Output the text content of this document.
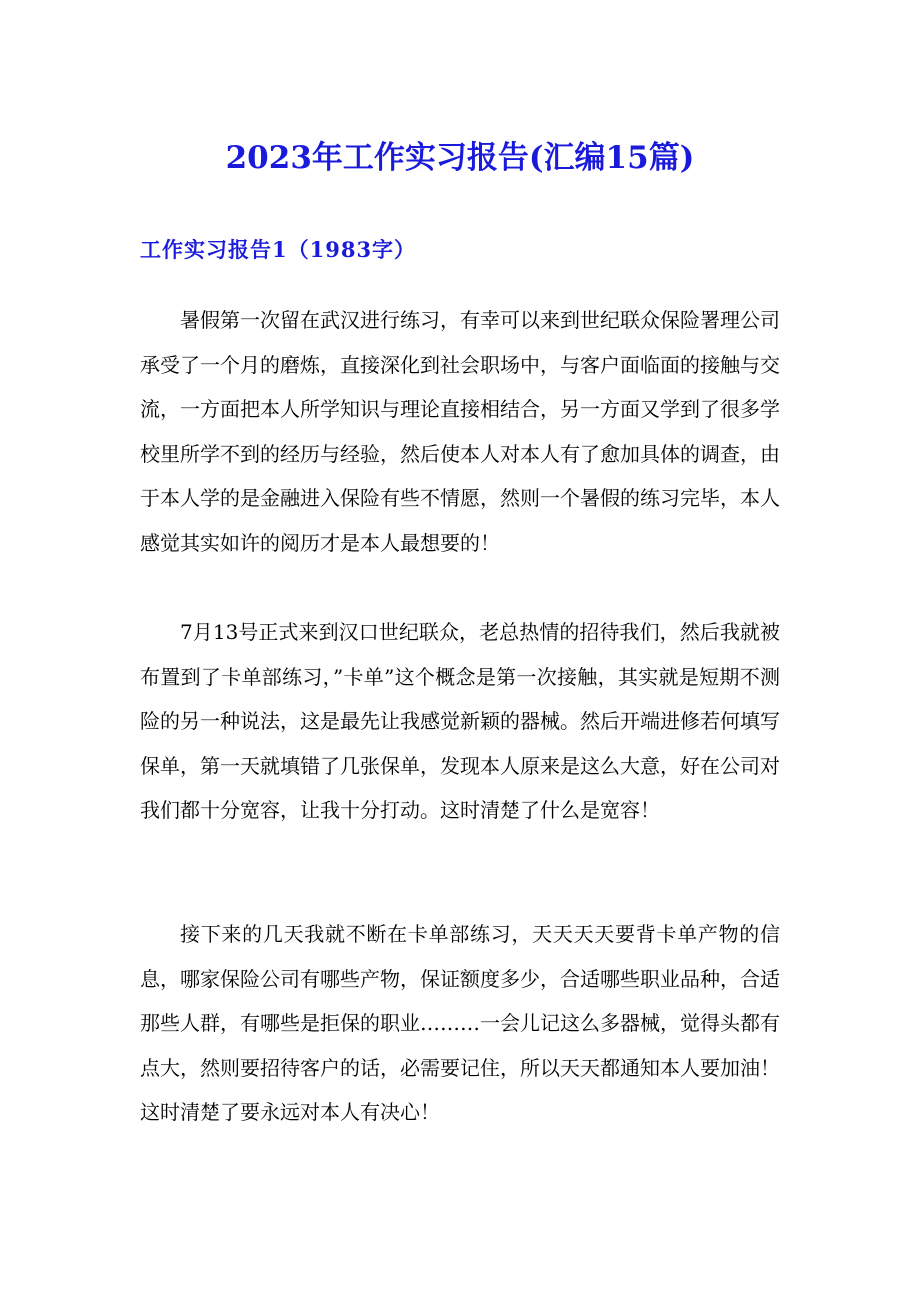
2023年工作实习报告(汇编15篇)
工作实习报告1（1983字）

暑假第一次留在武汉进行练习，有幸可以来到世纪联众保险署理公司承受了一个月的磨炼，直接深化到社会职场中，与客户面临面的接触与交流，一方面把本人所学知识与理论直接相结合，另一方面又学到了很多学校里所学不到的经历与经验，然后使本人对本人有了愈加具体的调查，由于本人学的是金融进入保险有些不情愿，然则一个暑假的练习完毕，本人感觉其实如许的阅历才是本人最想要的！

7月13号正式来到汉口世纪联众，老总热情的招待我们，然后我就被布置到了卡单部练习，”卡单”这个概念是第一次接触，其实就是短期不测险的另一种说法，这是最先让我感觉新颖的器械。然后开端进修若何填写保单，第一天就填错了几张保单，发现本人原来是这么大意，好在公司对我们都十分宽容，让我十分打动。这时清楚了什么是宽容！

接下来的几天我就不断在卡单部练习，天天天天要背卡单产物的信息，哪家保险公司有哪些产物，保证额度多少，合适哪些职业品种，合适那些人群，有哪些是拒保的职业………一会儿记这么多器械，觉得头都有点大，然则要招待客户的话，必需要记住，所以天天都通知本人要加油！这时清楚了要永远对本人有决心！
